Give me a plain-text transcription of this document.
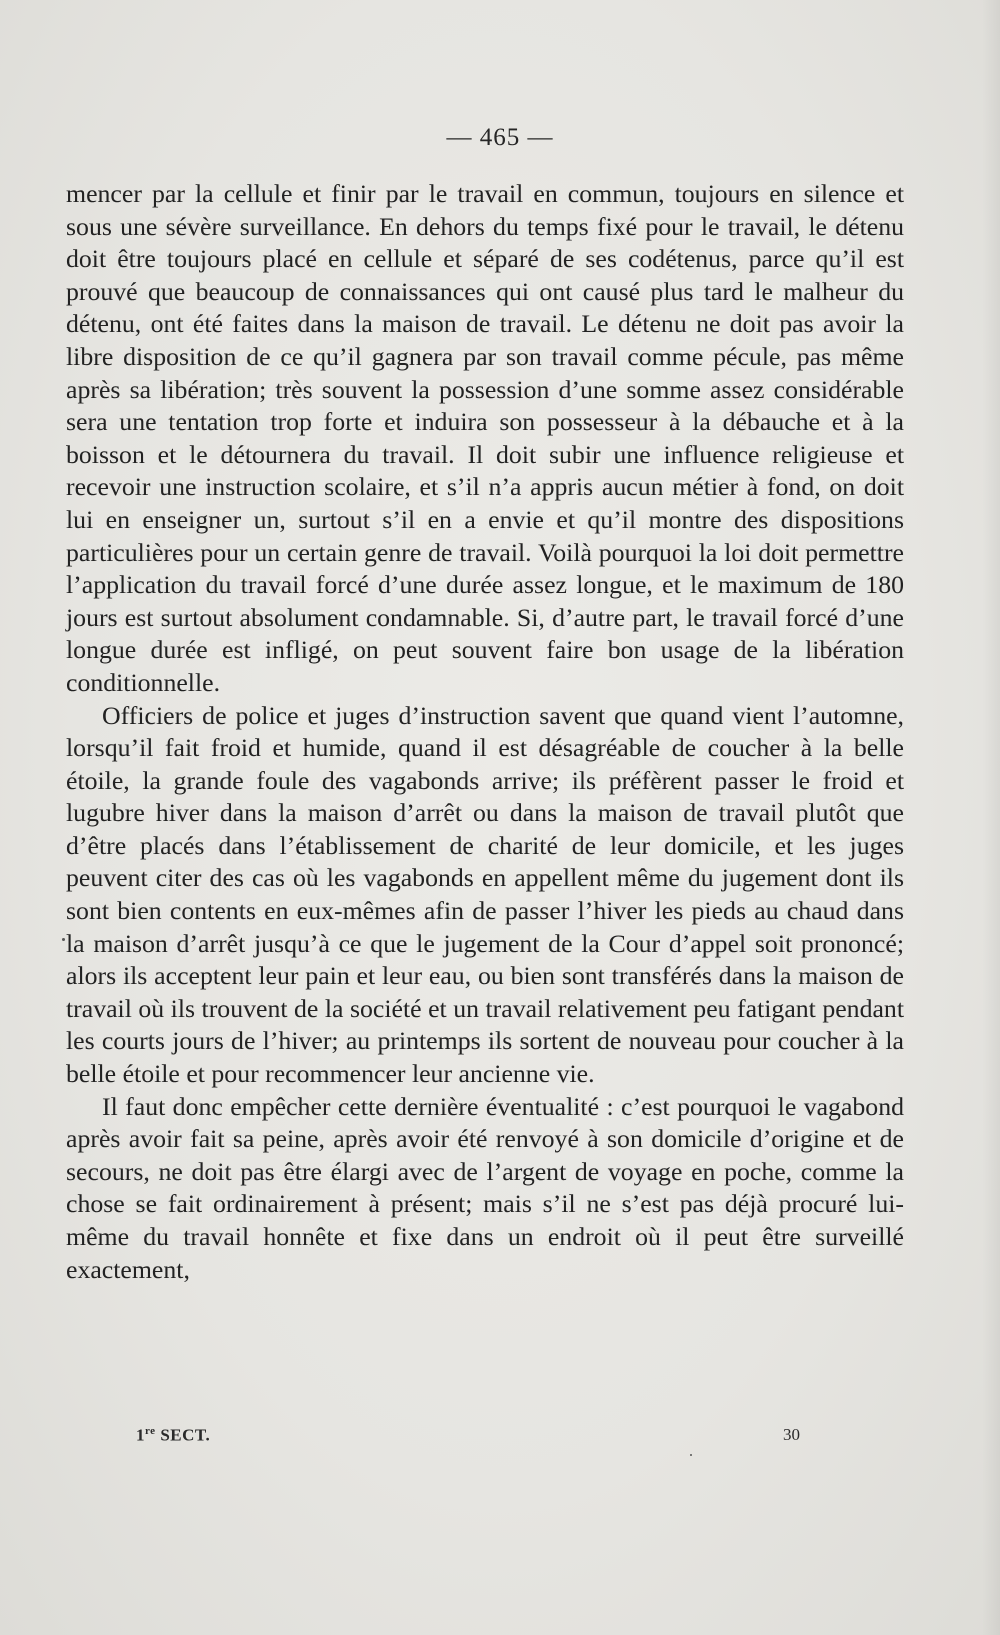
— 465 —

mencer par la cellule et finir par le travail en commun, toujours en silence et sous une sévère surveillance. En dehors du temps fixé pour le travail, le détenu doit être toujours placé en cellule et séparé de ses codétenus, parce qu’il est prouvé que beaucoup de connaissances qui ont causé plus tard le malheur du détenu, ont été faites dans la maison de travail. Le détenu ne doit pas avoir la libre disposition de ce qu’il gagnera par son travail comme pécule, pas même après sa libération; très souvent la possession d’une somme assez considérable sera une tentation trop forte et induira son possesseur à la débauche et à la boisson et le détournera du travail. Il doit subir une influence religieuse et recevoir une instruction scolaire, et s’il n’a appris aucun métier à fond, on doit lui en enseigner un, surtout s’il en a envie et qu’il montre des dispositions particulières pour un certain genre de travail. Voilà pourquoi la loi doit permettre l’application du travail forcé d’une durée assez longue, et le maximum de 180 jours est surtout absolument condamnable. Si, d’autre part, le travail forcé d’une longue durée est infligé, on peut souvent faire bon usage de la libération conditionnelle.

Officiers de police et juges d’instruction savent que quand vient l’automne, lorsqu’il fait froid et humide, quand il est désagréable de coucher à la belle étoile, la grande foule des vagabonds arrive; ils préfèrent passer le froid et lugubre hiver dans la maison d’arrêt ou dans la maison de travail plutôt que d’être placés dans l’établissement de charité de leur domicile, et les juges peuvent citer des cas où les vagabonds en appellent même du jugement dont ils sont bien contents en eux-mêmes afin de passer l’hiver les pieds au chaud dans la maison d’arrêt jusqu’à ce que le jugement de la Cour d’appel soit prononcé; alors ils acceptent leur pain et leur eau, ou bien sont transférés dans la maison de travail où ils trouvent de la société et un travail relativement peu fatigant pendant les courts jours de l’hiver; au printemps ils sortent de nouveau pour coucher à la belle étoile et pour recommencer leur ancienne vie.

Il faut donc empêcher cette dernière éventualité : c’est pourquoi le vagabond après avoir fait sa peine, après avoir été renvoyé à son domicile d’origine et de secours, ne doit pas être élargi avec de l’argent de voyage en poche, comme la chose se fait ordinairement à présent; mais s’il ne s’est pas déjà procuré lui-même du travail honnête et fixe dans un endroit où il peut être surveillé exactement,

1re SECT.	30
